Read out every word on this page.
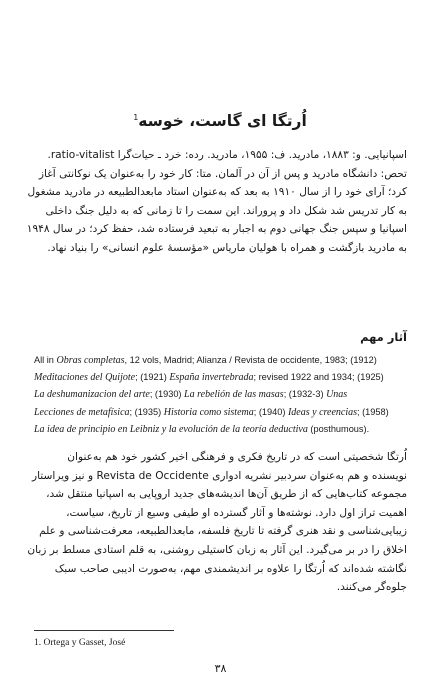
اُرتگا ای گاست، خوسه$^1$
اسپانیایی. و: ۱۸۸۳، مادرید. ف: ۱۹۵۵، مادرید. رده: خرد ـ حیات‌گرا ratio-vitalist.
تحص: دانشگاه مادرید و پس از آن در آلمان. متا: کار خود را به‌عنوان یک نوکانتی آغاز
کرد؛ آرای خود را از سال ۱۹۱۰ به بعد که به‌عنوان استاد مابعدالطبیعه در مادرید مشغول
به کار تدریس شد شکل داد و پروراند. این سمت را تا زمانی که به دلیل جنگ داخلی
اسپانیا و سپس جنگ جهانی دوم به اجبار به تبعید فرستاده شد، حفظ کرد؛ در سال ۱۹۴۸
به مادرید بازگشت و همراه با هولیان ماریاس «مؤسسهٔ علوم انسانی» را بنیاد نهاد.
آثار مهم
All in Obras completas, 12 vols, Madrid; Alianza / Revista de occidente, 1983; (1912)
Meditaciones del Quijote; (1921) España invertebrada; revised 1922 and 1934; (1925)
La deshumanizacion del arte; (1930) La rebelión de las masas; (1932-3) Unas
Lecciones de metafísica; (1935) Historia como sistema; (1940) Ideas y creencias; (1958)
La idea de principio en Leibniz y la evolución de la teoría deductiva (posthumous).
اُرتگا شخصیتی است که در تاریخ فکری و فرهنگی اخیر کشور خود هم به‌عنوان
نویسنده و هم به‌عنوان سردبیر نشریه ادواری Revista de Occidente و نیز ویراستار
مجموعه کتاب‌هایی که از طریق آن‌ها اندیشه‌های جدید اروپایی به اسپانیا منتقل شد،
اهمیت تراز اول دارد. نوشته‌ها و آثار گسترده او طیفی وسیع از تاریخ، سیاست،
زیبایی‌شناسی و نقد هنری گرفته تا تاریخ فلسفه، مابعدالطبیعه، معرفت‌شناسی و علم
اخلاق را در بر می‌گیرد. این آثار به زبان کاستیلی روشنی، به قلم استادی مسلط بر زبان
نگاشته شده‌اند که اُرتگا را علاوه بر اندیشمندی مهم، به‌صورت ادیبی صاحب سبک
جلوه‌گر می‌کنند.
1. Ortega y Gasset, José
۳۸
